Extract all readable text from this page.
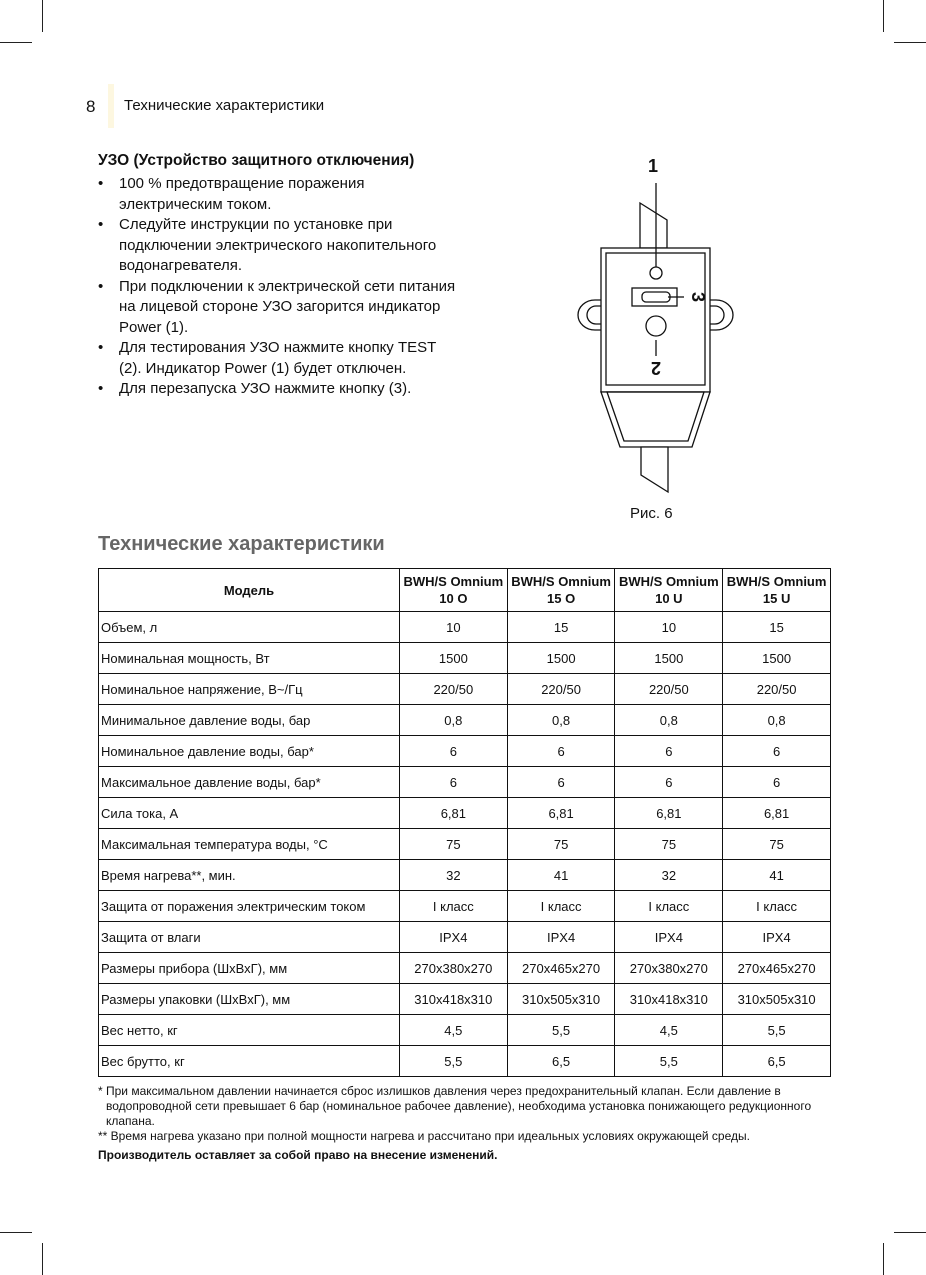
8 Технические характеристики
УЗО (Устройство защитного отключения)
• 100 % предотвращение поражения электрическим током.
• Следуйте инструкции по установке при подключении электрического накопительного водонагревателя.
• При подключении к электрической сети питания на лицевой стороне УЗО загорится индикатор Power (1).
• Для тестирования УЗО нажмите кнопку TEST (2). Индикатор Power (1) будет отключен.
• Для перезапуска УЗО нажмите кнопку (3).
1
3
2
Рис. 6
Технические характеристики
Модель	BWH/S Omnium 10 O	BWH/S Omnium 15 O	BWH/S Omnium 10 U	BWH/S Omnium 15 U
Объем, л	10	15	10	15
Номинальная мощность, Вт	1500	1500	1500	1500
Номинальное напряжение, В~/Гц	220/50	220/50	220/50	220/50
Минимальное давление воды, бар	0,8	0,8	0,8	0,8
Номинальное давление воды, бар*	6	6	6	6
Максимальное давление воды, бар*	6	6	6	6
Сила тока, А	6,81	6,81	6,81	6,81
Максимальная температура воды, °С	75	75	75	75
Время нагрева**, мин.	32	41	32	41
Защита от поражения электрическим током	I класс	I класс	I класс	I класс
Защита от влаги	IPX4	IPX4	IPX4	IPX4
Размеры прибора (ШхВхГ), мм	270x380x270	270x465x270	270x380x270	270x465x270
Размеры упаковки (ШхВхГ), мм	310x418x310	310x505x310	310x418x310	310x505x310
Вес нетто, кг	4,5	5,5	4,5	5,5
Вес брутто, кг	5,5	6,5	5,5	6,5

* При максимальном давлении начинается сброс излишков давления через предохранительный клапан. Если давление в водопроводной сети превышает 6 бар (номинальное рабочее давление), необходима установка понижающего редукционного клапана.

** Время нагрева указано при полной мощности нагрева и рассчитано при идеальных условиях окружающей среды.

Производитель оставляет за собой право на внесение изменений.
